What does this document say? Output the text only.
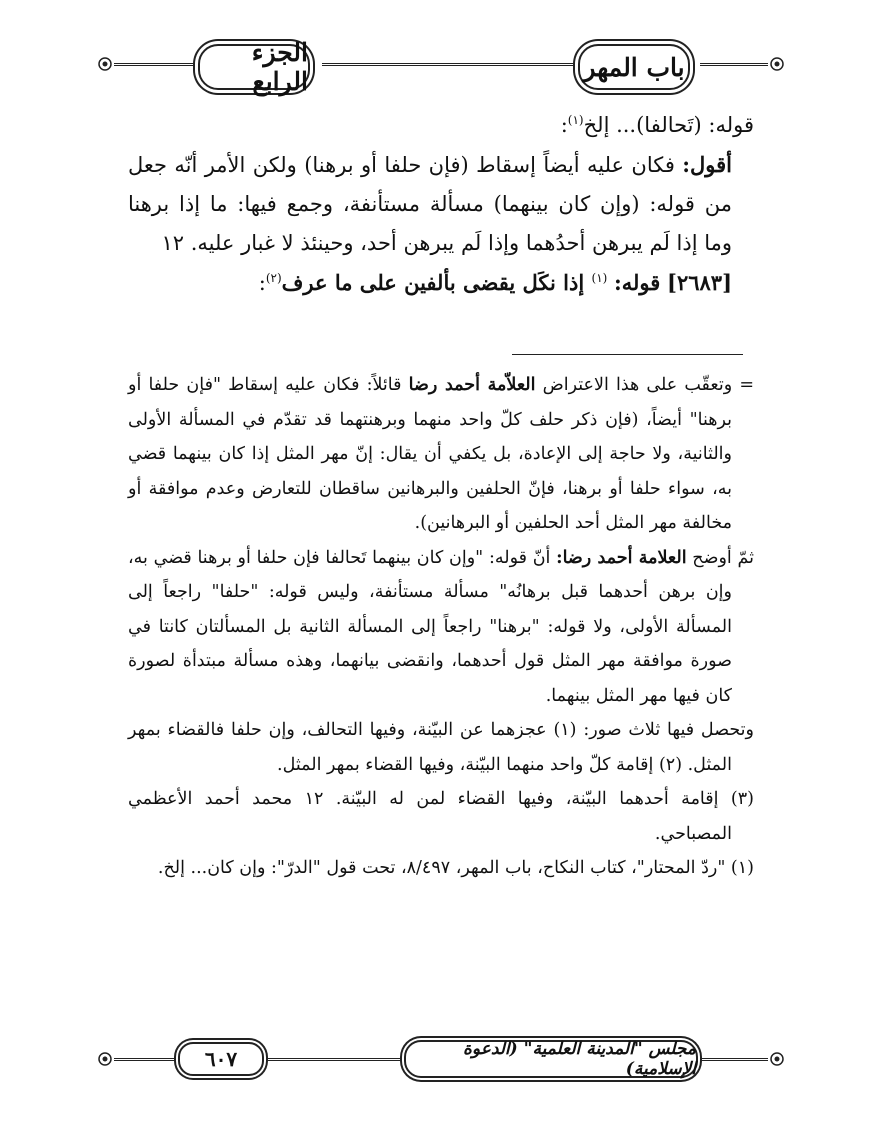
الجزء الرابع	باب المهر

قوله: (تَحالفا)... إلخ$^{(١)}$:

أقول: فكان عليه أيضاً إسقاط (فإن حلفا أو برهنا) ولكن الأمر أنّه جعل من قوله: (وإن كان بينهما) مسألة مستأنفة، وجمع فيها: ما إذا برهنا وما إذا لَم يبرهن أحدُهما وإذا لَم يبرهن أحد، وحينئذ لا غبار عليه. ١٢

[٢٦٨٣] قوله: $^{(١)}$ إذا نكَل يقضى بألفين على ما عرف$^{(٢)}$:

= وتعقّب على هذا الاعتراض العلاّمة أحمد رضا قائلاً: فكان عليه إسقاط "فإن حلفا أو برهنا" أيضاً، (فإن ذكر حلف كلّ واحد منهما وبرهنتهما قد تقدّم في المسألة الأولى والثانية، ولا حاجة إلى الإعادة، بل يكفي أن يقال: إنّ مهر المثل إذا كان بينهما قضي به، سواء حلفا أو برهنا، فإنّ الحلفين والبرهانين ساقطان للتعارض وعدم موافقة أو مخالفة مهر المثل أحد الحلفين أو البرهانين).

ثمّ أوضح العلامة أحمد رضا: أنّ قوله: "وإن كان بينهما تَحالفا فإن حلفا أو برهنا قضي به، وإن برهن أحدهما قبل برهانُه" مسألة مستأنفة، وليس قوله: "حلفا" راجعاً إلى المسألة الأولى، ولا قوله: "برهنا" راجعاً إلى المسألة الثانية بل المسألتان كانتا في صورة موافقة مهر المثل قول أحدهما، وانقضى بيانهما، وهذه مسألة مبتدأة لصورة كان فيها مهر المثل بينهما.

وتحصل فيها ثلاث صور: (١) عجزهما عن البيّنة، وفيها التحالف، وإن حلفا فالقضاء بمهر المثل. (٢) إقامة كلّ واحد منهما البيّنة، وفيها القضاء بمهر المثل.

(٣) إقامة أحدهما البيّنة، وفيها القضاء لمن له البيّنة. ١٢ محمد أحمد الأعظمي المصباحي.

(١) "ردّ المحتار"، كتاب النكاح، باب المهر، ٨/٤٩٧، تحت قول "الدرّ": وإن كان... إلخ.

٦٠٧	مجلس "المدينة العلمية" (الدعوة الإسلامية)
